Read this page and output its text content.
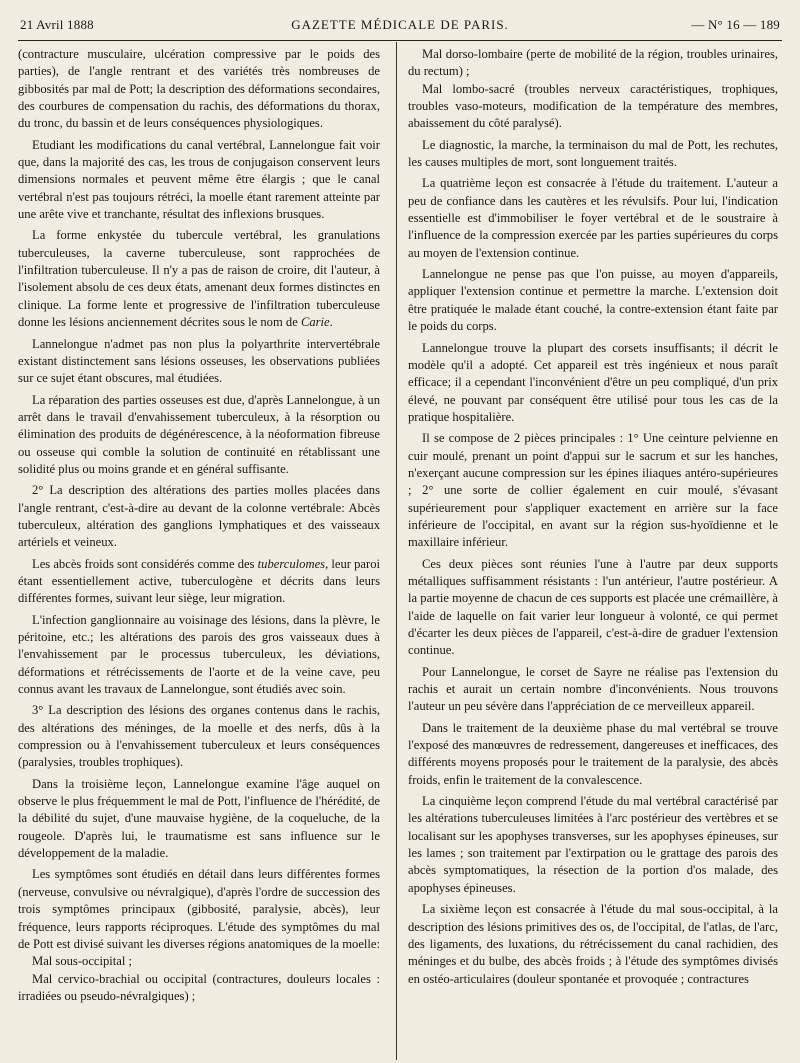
21 Avril 1888	GAZETTE MÉDICALE DE PARIS.	— N° 16 — 189

(contracture musculaire, ulcération compressive par le poids des parties), de l'angle rentrant et des variétés très nombreuses de gibbosités par mal de Pott; la description des déformations secondaires, des courbures de compensation du rachis, des déformations du thorax, du tronc, du bassin et de leurs conséquences physiologiques.

Etudiant les modifications du canal vertébral, Lannelongue fait voir que, dans la majorité des cas, les trous de conjugaison conservent leurs dimensions normales et peuvent même être élargis ; que le canal vertébral n'est pas toujours rétréci, la moelle étant rarement atteinte par une arête vive et tranchante, résultat des inflexions brusques.

La forme enkystée du tubercule vertébral, les granulations tuberculeuses, la caverne tuberculeuse, sont rapprochées de l'infiltration tuberculeuse. Il n'y a pas de raison de croire, dit l'auteur, à l'isolement absolu de ces deux états, amenant deux formes distinctes en clinique. La forme lente et progressive de l'infiltration tuberculeuse donne les lésions anciennement décrites sous le nom de Carie.

Lannelongue n'admet pas non plus la polyarthrite intervertébrale existant distinctement sans lésions osseuses, les observations publiées sur ce sujet étant obscures, mal étudiées.

La réparation des parties osseuses est due, d'après Lannelongue, à un arrêt dans le travail d'envahissement tuberculeux, à la résorption ou élimination des produits de dégénérescence, à la néoformation fibreuse ou osseuse qui comble la solution de continuité en rétablissant une solidité plus ou moins grande et en général suffisante.

2° La description des altérations des parties molles placées dans l'angle rentrant, c'est-à-dire au devant de la colonne vertébrale: Abcès tuberculeux, altération des ganglions lymphatiques et des vaisseaux artériels et veineux.

Les abcès froids sont considérés comme des tuberculomes, leur paroi étant essentiellement active, tuberculogène et décrits dans leurs différentes formes, suivant leur siège, leur migration.

L'infection ganglionnaire au voisinage des lésions, dans la plèvre, le péritoine, etc.; les altérations des parois des gros vaisseaux dues à l'envahissement par le processus tuberculeux, les déviations, déformations et rétrécissements de l'aorte et de la veine cave, peu connus avant les travaux de Lannelongue, sont étudiés avec soin.

3° La description des lésions des organes contenus dans le rachis, des altérations des méninges, de la moelle et des nerfs, dûs à la compression ou à l'envahissement tuberculeux et leurs conséquences (paralysies, troubles trophiques).

Dans la troisième leçon, Lannelongue examine l'âge auquel on observe le plus fréquemment le mal de Pott, l'influence de l'hérédité, de la débilité du sujet, d'une mauvaise hygiène, de la coqueluche, de la rougeole. D'après lui, le traumatisme est sans influence sur le développement de la maladie.

Les symptômes sont étudiés en détail dans leurs différentes formes (nerveuse, convulsive ou névralgique), d'après l'ordre de succession des trois symptômes principaux (gibbosité, paralysie, abcès), leur fréquence, leurs rapports réciproques. L'étude des symptômes du mal de Pott est divisé suivant les diverses régions anatomiques de la moelle:

Mal sous-occipital ;

Mal cervico-brachial ou occipital (contractures, douleurs locales : irradiées ou pseudo-névralgiques) ;

Mal dorso-lombaire (perte de mobilité de la région, troubles urinaires, du rectum) ;

Mal lombo-sacré (troubles nerveux caractéristiques, trophiques, troubles vaso-moteurs, modification de la température des membres, abaissement du côté paralysé).

Le diagnostic, la marche, la terminaison du mal de Pott, les rechutes, les causes multiples de mort, sont longuement traités.

La quatrième leçon est consacrée à l'étude du traitement. L'auteur a peu de confiance dans les cautères et les révulsifs. Pour lui, l'indication essentielle est d'immobiliser le foyer vertébral et de le soustraire à l'influence de la compression exercée par les parties supérieures du corps au moyen de l'extension continue.

Lannelongue ne pense pas que l'on puisse, au moyen d'appareils, appliquer l'extension continue et permettre la marche. L'extension doit être pratiquée le malade étant couché, la contre-extension étant faite par le poids du corps.

Lannelongue trouve la plupart des corsets insuffisants; il décrit le modèle qu'il a adopté. Cet appareil est très ingénieux et nous paraît efficace; il a cependant l'inconvénient d'être un peu compliqué, d'un prix élevé, ne pouvant par conséquent être utilisé pour tous les cas de la pratique hospitalière.

Il se compose de 2 pièces principales : 1° Une ceinture pelvienne en cuir moulé, prenant un point d'appui sur le sacrum et sur les hanches, n'exerçant aucune compression sur les épines iliaques antéro-supérieures ; 2° une sorte de collier également en cuir moulé, s'évasant supérieurement pour s'appliquer exactement en arrière sur la face inférieure de l'occipital, en avant sur la région sus-hyoïdienne et le maxillaire inférieur.

Ces deux pièces sont réunies l'une à l'autre par deux supports métalliques suffisamment résistants : l'un antérieur, l'autre postérieur. A la partie moyenne de chacun de ces supports est placée une crémaillère, à l'aide de laquelle on fait varier leur longueur à volonté, ce qui permet d'écarter les deux pièces de l'appareil, c'est-à-dire de graduer l'extension continue.

Pour Lannelongue, le corset de Sayre ne réalise pas l'extension du rachis et aurait un certain nombre d'inconvénients. Nous trouvons l'auteur un peu sévère dans l'appréciation de ce merveilleux appareil.

Dans le traitement de la deuxième phase du mal vertébral se trouve l'exposé des manœuvres de redressement, dangereuses et inefficaces, des différents moyens proposés pour le traitement de la paralysie, des abcès froids, enfin le traitement de la convalescence.

La cinquième leçon comprend l'étude du mal vertébral caractérisé par les altérations tuberculeuses limitées à l'arc postérieur des vertèbres et se localisant sur les apophyses transverses, sur les apophyses épineuses, sur les lames ; son traitement par l'extirpation ou le grattage des parois des abcès symptomatiques, la résection de la portion d'os malade, des apophyses épineuses.

La sixième leçon est consacrée à l'étude du mal sous-occipital, à la description des lésions primitives des os, de l'occipital, de l'atlas, de l'arc, des ligaments, des luxations, du rétrécissement du canal rachidien, des méninges et du bulbe, des abcès froids ; à l'étude des symptômes divisés en ostéo-articulaires (douleur spontanée et provoquée ; contractures
